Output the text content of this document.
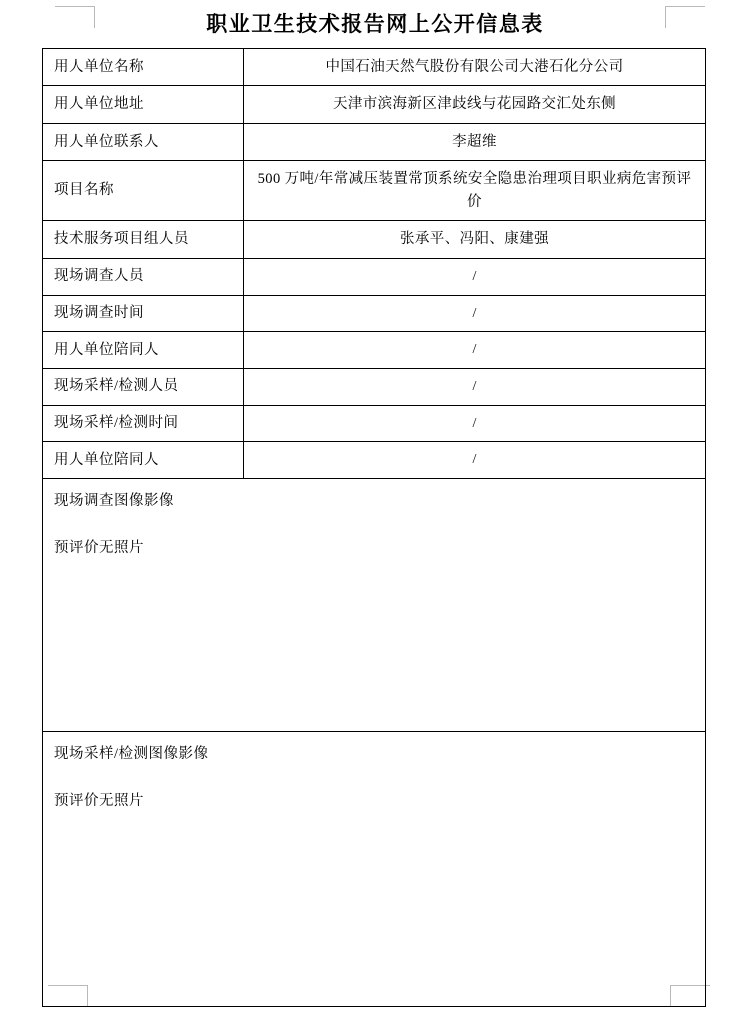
职业卫生技术报告网上公开信息表
用人单位名称	中国石油天然气股份有限公司大港石化分公司

用人单位地址	天津市滨海新区津歧线与花园路交汇处东侧

用人单位联系人	李超维

项目名称	500 万吨/年常减压装置常顶系统安全隐患治理项目职业病危害预评价

技术服务项目组人员	张承平、冯阳、康建强

现场调查人员	/

现场调查时间	/

用人单位陪同人	/

现场采样/检测人员	/

现场采样/检测时间	/

用人单位陪同人	/

现场调查图像影像
预评价无照片	

现场采样/检测图像影像
预评价无照片	
